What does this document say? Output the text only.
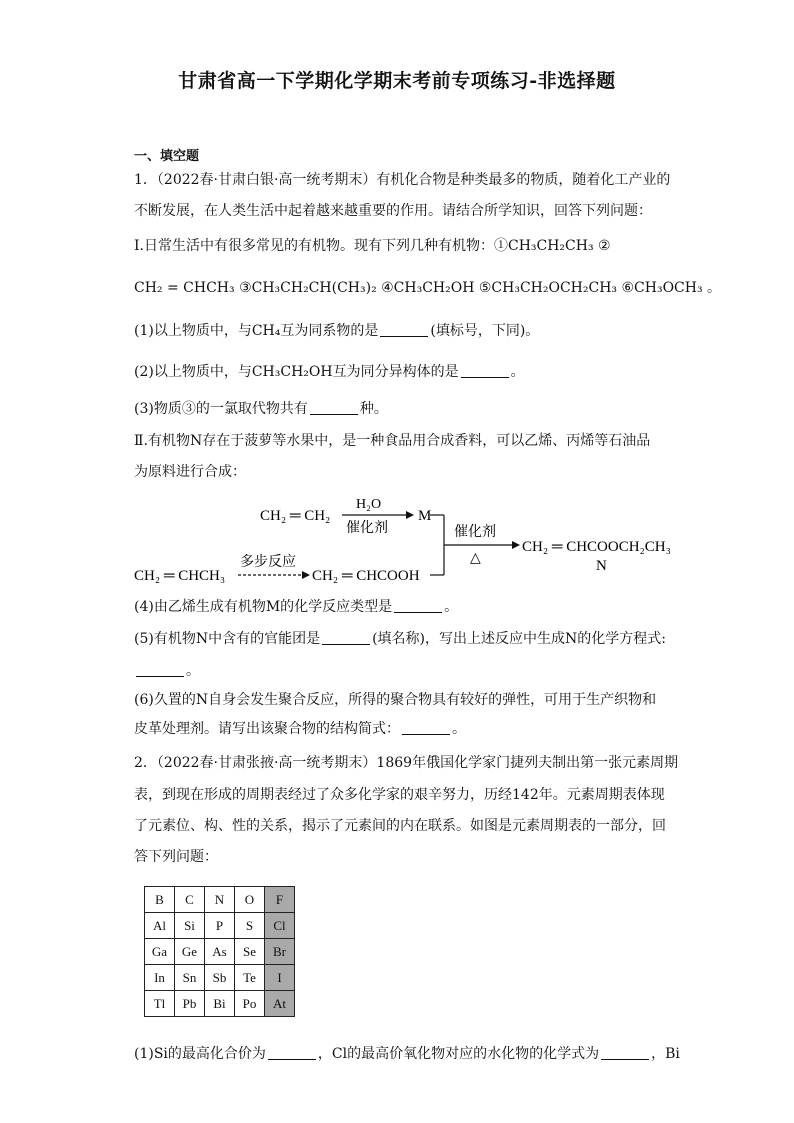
甘肃省高一下学期化学期末考前专项练习-非选择题
一、填空题
1．（2022春·甘肃白银·高一统考期末）有机化合物是种类最多的物质，随着化工产业的
不断发展，在人类生活中起着越来越重要的作用。请结合所学知识，回答下列问题：
Ⅰ.日常生活中有很多常见的有机物。现有下列几种有机物：①CH₃CH₂CH₃ ②
CH₂ = CHCH₃ ③CH₃CH₂CH(CH₃)₂ ④CH₃CH₂OH ⑤CH₃CH₂OCH₂CH₃ ⑥CH₃OCH₃ 。
(1)以上物质中，与CH₄互为同系物的是	(填标号，下同)。
(2)以上物质中，与CH₃CH₂OH互为同分异构体的是	。
(3)物质③的一氯取代物共有	种。
Ⅱ.有机物N存在于菠萝等水果中，是一种食品用合成香料，可以乙烯、丙烯等石油品
为原料进行合成：
CH₂ ═ CH₂
H₂O
催化剂
M
催化剂
△
CH₂ ═ CHCOOCH₂CH₃
N
CH₂ ═ CHCH₃
多步反应
CH₂ ═ CHCOOH
(4)由乙烯生成有机物M的化学反应类型是	。
(5)有机物N中含有的官能团是	(填名称)，写出上述反应中生成N的化学方程式:
。
(6)久置的N自身会发生聚合反应，所得的聚合物具有较好的弹性，可用于生产织物和
皮革处理剂。请写出该聚合物的结构简式：	。
2．（2022春·甘肃张掖·高一统考期末）1869年俄国化学家门捷列夫制出第一张元素周期
表，到现在形成的周期表经过了众多化学家的艰辛努力，历经142年。元素周期表体现
了元素位、构、性的关系，揭示了元素间的内在联系。如图是元素周期表的一部分，回
答下列问题：
B	C	N	O	F
Al	Si	P	S	Cl
Ga	Ge	As	Se	Br
In	Sn	Sb	Te	I
Tl	Pb	Bi	Po	At
(1)Si的最高化合价为	，Cl的最高价氧化物对应的水化物的化学式为	，Bi
